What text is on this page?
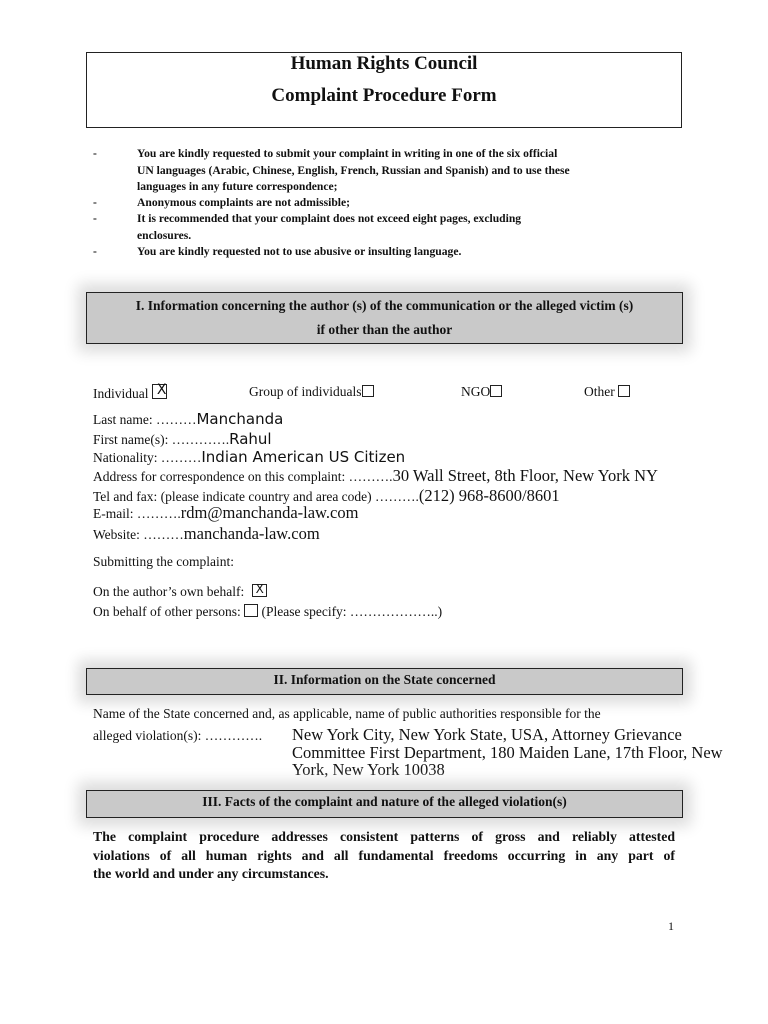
Human Rights Council
Complaint Procedure Form
-	You are kindly requested to submit your complaint in writing in one of the six official
UN languages (Arabic, Chinese, English, French, Russian and Spanish) and to use these
languages in any future correspondence;
-	Anonymous complaints are not admissible;
-	It is recommended that your complaint does not exceed eight pages, excluding
enclosures.
-	You are kindly requested not to use abusive or insulting language.
I. Information concerning the author (s) of the communication or the alleged victim (s)
if other than the author
Individual X	Group of individuals	NGO	Other
Last name: ………Manchanda
First name(s): ………….Rahul
Nationality: ………Indian American US Citizen
Address for correspondence on this complaint: ……….30 Wall Street, 8th Floor, New York NY
Tel and fax: (please indicate country and area code) ……….(212) 968-8600/8601
E-mail: ……….rdm@manchanda-law.com
Website: ………manchanda-law.com
Submitting the complaint:
On the author’s own behalf: X
On behalf of other persons: (Please specify: ………………..)
II. Information on the State concerned
Name of the State concerned and, as applicable, name of public authorities responsible for the
alleged violation(s): …………. New York City, New York State, USA, Attorney Grievance
Committee First Department, 180 Maiden Lane, 17th Floor, New
York, New York 10038
III. Facts of the complaint and nature of the alleged violation(s)
The complaint procedure addresses consistent patterns of gross and reliably attested
violations of all human rights and all fundamental freedoms occurring in any part of
the world and under any circumstances.
1
